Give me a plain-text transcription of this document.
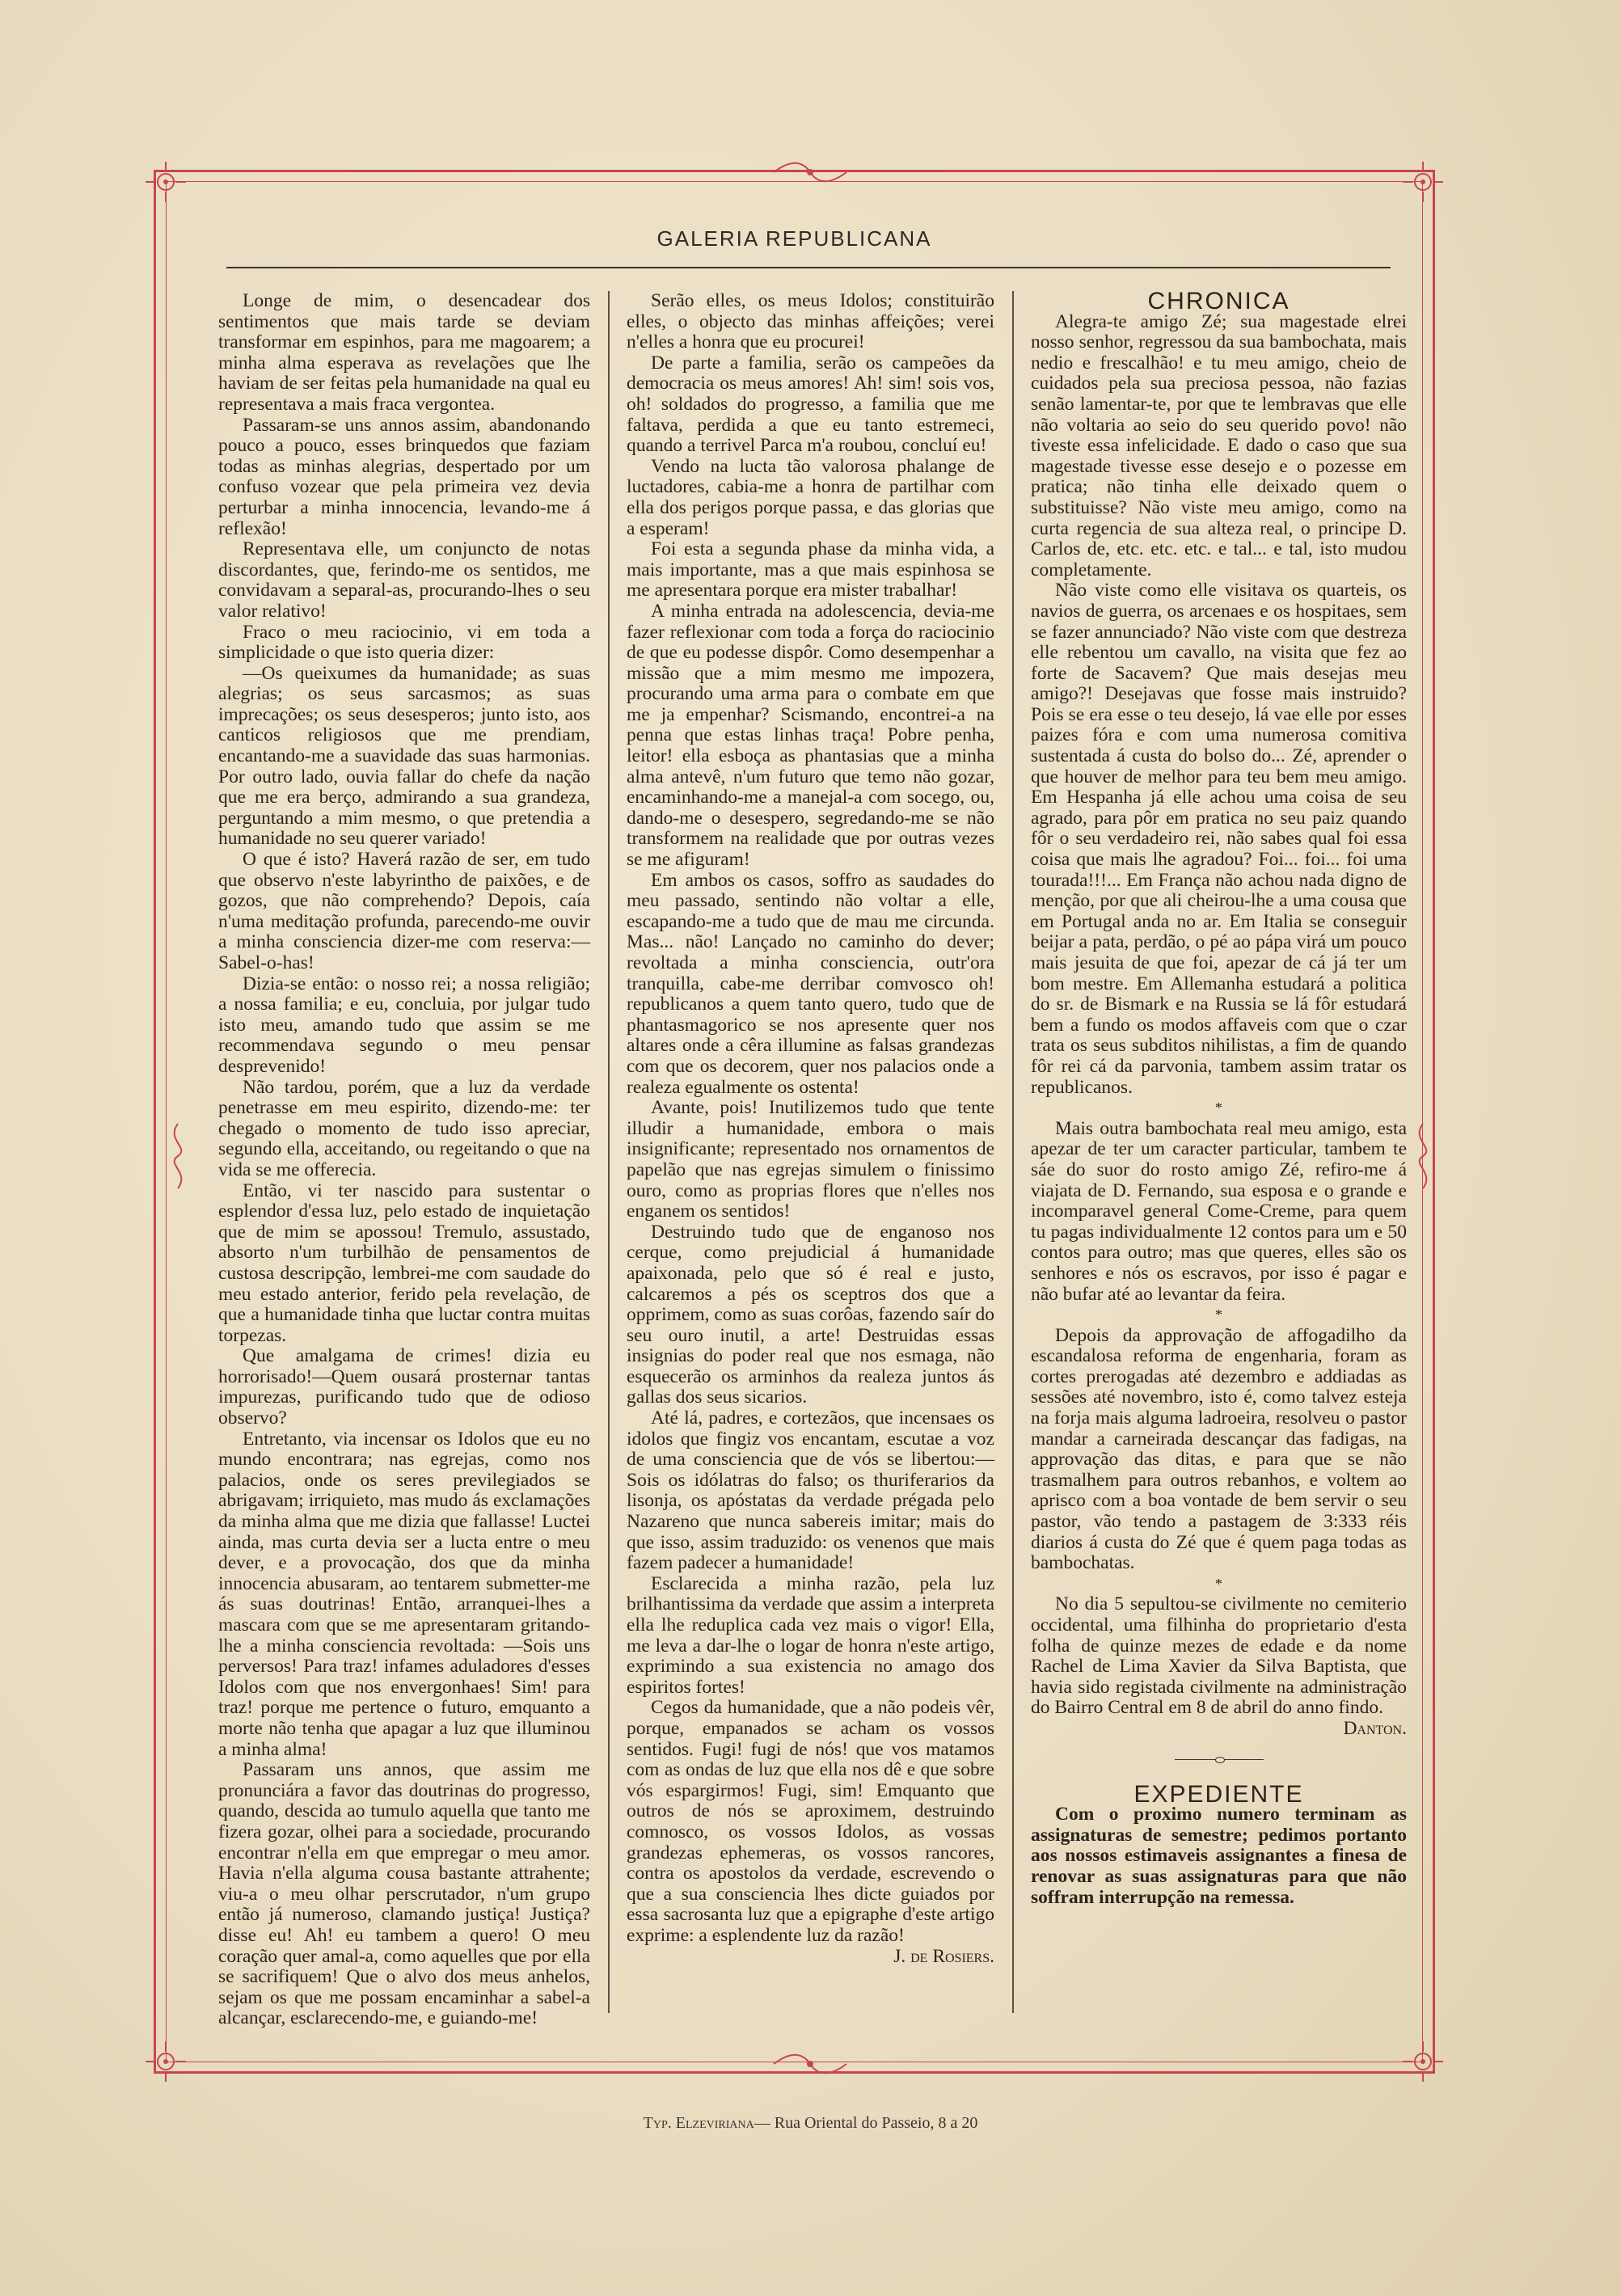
GALERIA REPUBLICANA

Longe de mim, o desencadear dos sentimentos que mais tarde se deviam transformar em espinhos, para me magoarem; a minha alma esperava as revelações que lhe haviam de ser feitas pela humanidade na qual eu representava a mais fraca vergontea.

Passaram-se uns annos assim, abandonando pouco a pouco, esses brinquedos que faziam todas as minhas alegrias, despertado por um confuso vozear que pela primeira vez devia perturbar a minha innocencia, levando-me á reflexão!

Representava elle, um conjuncto de notas discordantes, que, ferindo-me os sentidos, me convidavam a separal-as, procurando-lhes o seu valor relativo!

Fraco o meu raciocinio, vi em toda a simplicidade o que isto queria dizer:

—Os queixumes da humanidade; as suas alegrias; os seus sarcasmos; as suas imprecações; os seus desesperos; junto isto, aos canticos religiosos que me prendiam, encantando-me a suavidade das suas harmonias. Por outro lado, ouvia fallar do chefe da nação que me era berço, admirando a sua grandeza, perguntando a mim mesmo, o que pretendia a humanidade no seu querer variado!

O que é isto? Haverá razão de ser, em tudo que observo n'este labyrintho de paixões, e de gozos, que não comprehendo? Depois, caía n'uma meditação profunda, parecendo-me ouvir a minha consciencia dizer-me com reserva:—Sabel-o-has!

Dizia-se então: o nosso rei; a nossa religião; a nossa familia; e eu, concluia, por julgar tudo isto meu, amando tudo que assim se me recommendava segundo o meu pensar desprevenido!

Não tardou, porém, que a luz da verdade penetrasse em meu espirito, dizendo-me: ter chegado o momento de tudo isso apreciar, segundo ella, acceitando, ou regeitando o que na vida se me offerecia.

Então, vi ter nascido para sustentar o esplendor d'essa luz, pelo estado de inquietação que de mim se apossou! Tremulo, assustado, absorto n'um turbilhão de pensamentos de custosa descripção, lembrei-me com saudade do meu estado anterior, ferido pela revelação, de que a humanidade tinha que luctar contra muitas torpezas.

Que amalgama de crimes! dizia eu horrorisado!—Quem ousará prosternar tantas impurezas, purificando tudo que de odioso observo?

Entretanto, via incensar os Idolos que eu no mundo encontrara; nas egrejas, como nos palacios, onde os seres previlegiados se abrigavam; irriquieto, mas mudo ás exclamações da minha alma que me dizia que fallasse! Luctei ainda, mas curta devia ser a lucta entre o meu dever, e a provocação, dos que da minha innocencia abusaram, ao tentarem submetter-me ás suas doutrinas! Então, arranquei-lhes a mascara com que se me apresentaram gritando-lhe a minha consciencia revoltada: —Sois uns perversos! Para traz! infames aduladores d'esses Idolos com que nos envergonhaes! Sim! para traz! porque me pertence o futuro, emquanto a morte não tenha que apagar a luz que illuminou a minha alma!

Passaram uns annos, que assim me pronunciára a favor das doutrinas do progresso, quando, descida ao tumulo aquella que tanto me fizera gozar, olhei para a sociedade, procurando encontrar n'ella em que empregar o meu amor. Havia n'ella alguma cousa bastante attrahente; viu-a o meu olhar perscrutador, n'um grupo então já numeroso, clamando justiça! Justiça? disse eu! Ah! eu tambem a quero! O meu coração quer amal-a, como aquelles que por ella se sacrifiquem! Que o alvo dos meus anhelos, sejam os que me possam encaminhar a sabel-a alcançar, esclarecendo-me, e guiando-me!

Serão elles, os meus Idolos; constituirão elles, o objecto das minhas affeições; verei n'elles a honra que eu procurei!

De parte a familia, serão os campeões da democracia os meus amores! Ah! sim! sois vos, oh! soldados do progresso, a familia que me faltava, perdida a que eu tanto estremeci, quando a terrivel Parca m'a roubou, concluí eu!

Vendo na lucta tão valorosa phalange de luctadores, cabia-me a honra de partilhar com ella dos perigos porque passa, e das glorias que a esperam!

Foi esta a segunda phase da minha vida, a mais importante, mas a que mais espinhosa se me apresentara porque era mister trabalhar!

A minha entrada na adolescencia, devia-me fazer reflexionar com toda a força do raciocinio de que eu podesse dispôr. Como desempenhar a missão que a mim mesmo me impozera, procurando uma arma para o combate em que me ja empenhar? Scismando, encontrei-a na penna que estas linhas traça! Pobre penha, leitor! ella esboça as phantasias que a minha alma antevê, n'um futuro que temo não gozar, encaminhando-me a manejal-a com socego, ou, dando-me o desespero, segredando-me se não transformem na realidade que por outras vezes se me afiguram!

Em ambos os casos, soffro as saudades do meu passado, sentindo não voltar a elle, escapando-me a tudo que de mau me circunda. Mas... não! Lançado no caminho do dever; revoltada a minha consciencia, outr'ora tranquilla, cabe-me derribar comvosco oh! republicanos a quem tanto quero, tudo que de phantasmagorico se nos apresente quer nos altares onde a cêra illumine as falsas grandezas com que os decorem, quer nos palacios onde a realeza egualmente os ostenta!

Avante, pois! Inutilizemos tudo que tente illudir a humanidade, embora o mais insignificante; representado nos ornamentos de papelão que nas egrejas simulem o finissimo ouro, como as proprias flores que n'elles nos enganem os sentidos!

Destruindo tudo que de enganoso nos cerque, como prejudicial á humanidade apaixonada, pelo que só é real e justo, calcaremos a pés os sceptros dos que a opprimem, como as suas corôas, fazendo saír do seu ouro inutil, a arte! Destruidas essas insignias do poder real que nos esmaga, não esquecerão os arminhos da realeza juntos ás gallas dos seus sicarios.

Até lá, padres, e cortezãos, que incensaes os idolos que fingiz vos encantam, escutae a voz de uma consciencia que de vós se libertou:—Sois os idólatras do falso; os thuriferarios da lisonja, os apóstatas da verdade prégada pelo Nazareno que nunca sabereis imitar; mais do que isso, assim traduzido: os venenos que mais fazem padecer a humanidade!

Esclarecida a minha razão, pela luz brilhantissima da verdade que assim a interpreta ella lhe reduplica cada vez mais o vigor! Ella, me leva a dar-lhe o logar de honra n'este artigo, exprimindo a sua existencia no amago dos espiritos fortes!

Cegos da humanidade, que a não podeis vêr, porque, empanados se acham os vossos sentidos. Fugi! fugi de nós! que vos matamos com as ondas de luz que ella nos dê e que sobre vós espargirmos! Fugi, sim! Emquanto que outros de nós se aproximem, destruindo comnosco, os vossos Idolos, as vossas grandezas ephemeras, os vossos rancores, contra os apostolos da verdade, escrevendo o que a sua consciencia lhes dicte guiados por essa sacrosanta luz que a epigraphe d'este artigo exprime: a esplendente luz da razão!

J. de Rosiers.

CHRONICA

Alegra-te amigo Zé; sua magestade elrei nosso senhor, regressou da sua bambochata, mais nedio e frescalhão! e tu meu amigo, cheio de cuidados pela sua preciosa pessoa, não fazias senão lamentar-te, por que te lembravas que elle não voltaria ao seio do seu querido povo! não tiveste essa infelicidade. E dado o caso que sua magestade tivesse esse desejo e o pozesse em pratica; não tinha elle deixado quem o substituisse? Não viste meu amigo, como na curta regencia de sua alteza real, o principe D. Carlos de, etc. etc. etc. e tal... e tal, isto mudou completamente.

Não viste como elle visitava os quarteis, os navios de guerra, os arcenaes e os hospitaes, sem se fazer annunciado? Não viste com que destreza elle rebentou um cavallo, na visita que fez ao forte de Sacavem? Que mais desejas meu amigo?! Desejavas que fosse mais instruido? Pois se era esse o teu desejo, lá vae elle por esses paizes fóra e com uma numerosa comitiva sustentada á custa do bolso do... Zé, aprender o que houver de melhor para teu bem meu amigo. Em Hespanha já elle achou uma coisa de seu agrado, para pôr em pratica no seu paiz quando fôr o seu verdadeiro rei, não sabes qual foi essa coisa que mais lhe agradou? Foi... foi... foi uma tourada!!!... Em França não achou nada digno de menção, por que ali cheirou-lhe a uma cousa que em Portugal anda no ar. Em Italia se conseguir beijar a pata, perdão, o pé ao pápa virá um pouco mais jesuita de que foi, apezar de cá já ter um bom mestre. Em Allemanha estudará a politica do sr. de Bismark e na Russia se lá fôr estudará bem a fundo os modos affaveis com que o czar trata os seus subditos nihilistas, a fim de quando fôr rei cá da parvonia, tambem assim tratar os republicanos.

*

Mais outra bambochata real meu amigo, esta apezar de ter um caracter particular, tambem te sáe do suor do rosto amigo Zé, refiro-me á viajata de D. Fernando, sua esposa e o grande e incomparavel general Come-Creme, para quem tu pagas individualmente 12 contos para um e 50 contos para outro; mas que queres, elles são os senhores e nós os escravos, por isso é pagar e não bufar até ao levantar da feira.

*

Depois da approvação de affogadilho da escandalosa reforma de engenharia, foram as cortes prerogadas até dezembro e addiadas as sessões até novembro, isto é, como talvez esteja na forja mais alguma ladroeira, resolveu o pastor mandar a carneirada descançar das fadigas, na approvação das ditas, e para que se não trasmalhem para outros rebanhos, e voltem ao aprisco com a boa vontade de bem servir o seu pastor, vão tendo a pastagem de 3:333 réis diarios á custa do Zé que é quem paga todas as bambochatas.

*

No dia 5 sepultou-se civilmente no cemiterio occidental, uma filhinha do proprietario d'esta folha de quinze mezes de edade e da nome Rachel de Lima Xavier da Silva Baptista, que havia sido registada civilmente na administração do Bairro Central em 8 de abril do anno findo.

Danton.

EXPEDIENTE

Com o proximo numero terminam as assignaturas de semestre; pedimos portanto aos nossos estimaveis assignantes a finesa de renovar as suas assignaturas para que não soffram interrupção na remessa.

Typ. Elzeviriana— Rua Oriental do Passeio, 8 a 20
